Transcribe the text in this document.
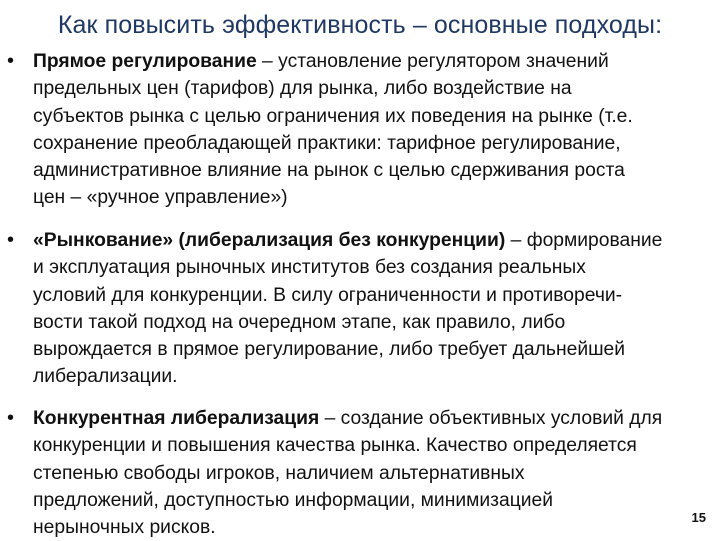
Как повысить эффективность – основные подходы:
• Прямое регулирование – установление регулятором значений
предельных цен (тарифов) для рынка, либо воздействие на
субъектов рынка с целью ограничения их поведения на рынке (т.е.
сохранение преобладающей практики: тарифное регулирование,
административное влияние на рынок с целью сдерживания роста
цен – «ручное управление»)
• «Рынкование» (либерализация без конкуренции) – формирование
и эксплуатация рыночных институтов без создания реальных
условий для конкуренции. В силу ограниченности и противоречи-
вости такой подход на очередном этапе, как правило, либо
вырождается в прямое регулирование, либо требует дальнейшей
либерализации.
• Конкурентная либерализация – создание объективных условий для
конкуренции и повышения качества рынка. Качество определяется
степенью свободы игроков, наличием альтернативных
предложений, доступностью информации, минимизацией
нерыночных рисков.	15
